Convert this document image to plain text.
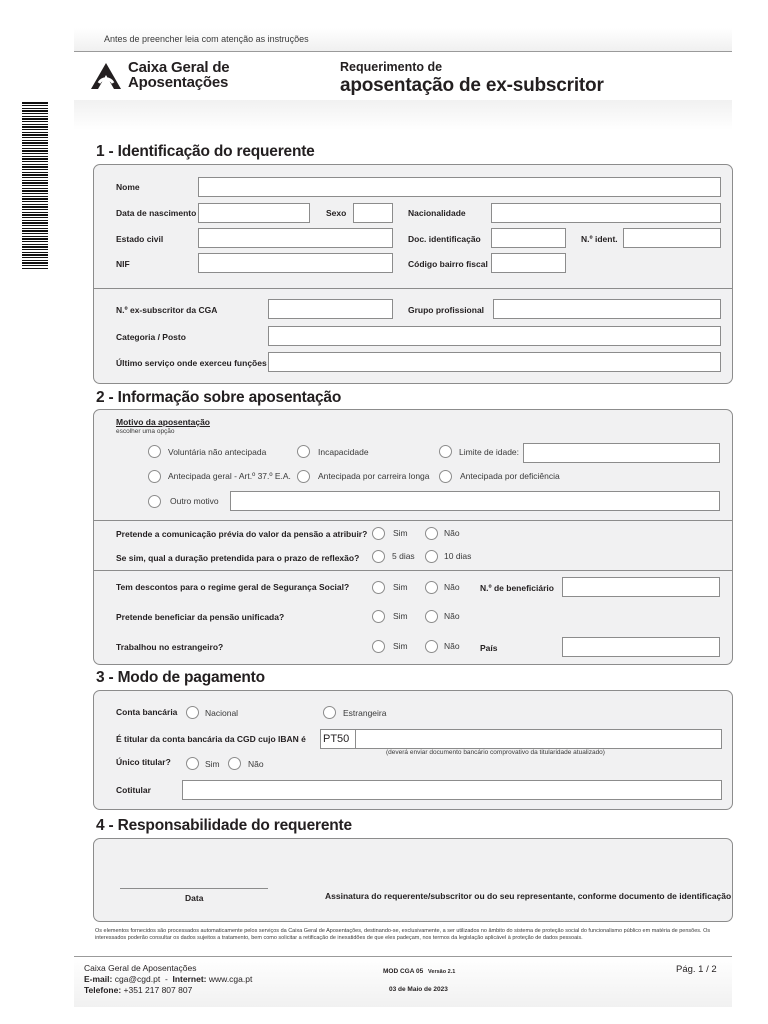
Antes de preencher leia com atenção as instruções
Caixa Geral de
Aposentações
Requerimento de
aposentação de ex-subscritor
1 - Identificação do requerente
Nome
Data de nascimento	Sexo	Nacionalidade
Estado civil	Doc. identificação	N.º ident.
NIF	Código bairro fiscal
N.º ex-subscritor da CGA	Grupo profissional
Categoria / Posto
Último serviço onde exerceu funções
2 - Informação sobre aposentação
Motivo da aposentação
escolher uma opção
Voluntária não antecipada	Incapacidade	Limite de idade:
Antecipada geral - Art.º 37.º E.A.	Antecipada por carreira longa	Antecipada por deficiência
Outro motivo
Pretende a comunicação prévia do valor da pensão a atribuir?	Sim	Não
Se sim, qual a duração pretendida para o prazo de reflexão?	5 dias	10 dias
Tem descontos para o regime geral de Segurança Social?	Sim	Não N.º de beneficiário
Pretende beneficiar da pensão unificada?	Sim	Não
Trabalhou no estrangeiro?	Sim	Não País
3 - Modo de pagamento
Conta bancária	Nacional	Estrangeira
É titular da conta bancária da CGD cujo IBAN é PT50
(deverá enviar documento bancário comprovativo da titularidade atualizado)
Único titular?	Sim	Não
Cotitular
4 - Responsabilidade do requerente
Data	Assinatura do requerente/subscritor ou do seu representante, conforme documento de identificação
Os elementos fornecidos são processados automaticamente pelos serviços da Caixa Geral de Aposentações, destinando-se, exclusivamente, a ser utilizados no âmbito do sistema de proteção social do funcionalismo público em matéria de pensões. Os interessados poderão consultar os dados sujeitos a tratamento, bem como solicitar a retificação de inexatidões de que eles padeçam, nos termos da legislação aplicável à proteção de dados pessoais.
Caixa Geral de Aposentações
E-mail: cga@cgd.pt  -  Internet: www.cga.pt
Telefone: +351 217 807 807
MOD CGA 05 Versão 2.1
03 de Maio de 2023
Pág. 1 / 2
